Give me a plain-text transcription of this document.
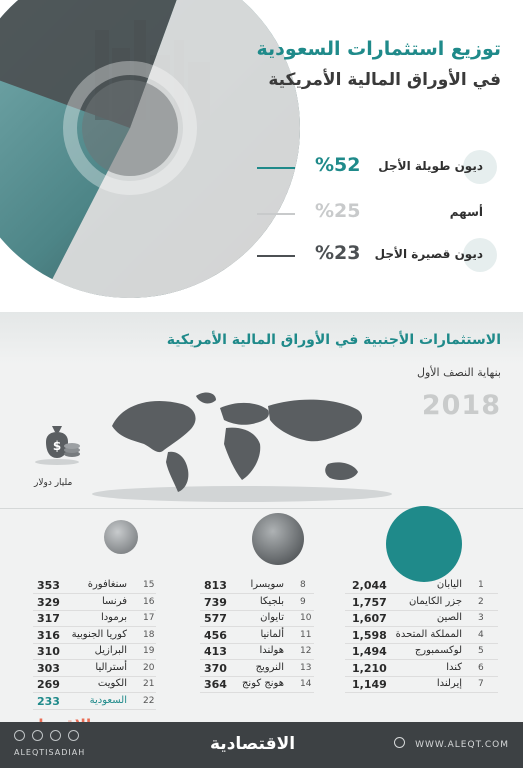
توزيع استثمارات السعودية
في الأوراق المالية الأمريكية
ديون طويلة الأجل
%52
أسهم
%25
ديون قصيرة الأجل
%23
الاستثمارات الأجنبية في الأوراق المالية الأمريكية
بنهاية النصف الأول
2018
$
مليار دولار
1
اليابان
2,044
2
جزر الكايمان
1,757
3
الصين
1,607
4
المملكة المتحدة
1,598
5
لوكسمبورج
1,494
6
كندا
1,210
7
إيرلندا
1,149
8
سويسرا
813
9
بلجيكا
739
10
تايوان
577
11
ألمانيا
456
12
هولندا
413
13
النرويج
370
14
هونج كونج
364
15
سنغافورة
353
16
فرنسا
329
17
برمودا
317
18
كوريا الجنوبية
316
19
البرازيل
310
20
أستراليا
303
21
الكويت
269
22
السعودية
233
ALEQTISADIAH	الاقتصادية	WWW.ALEQT.COM
